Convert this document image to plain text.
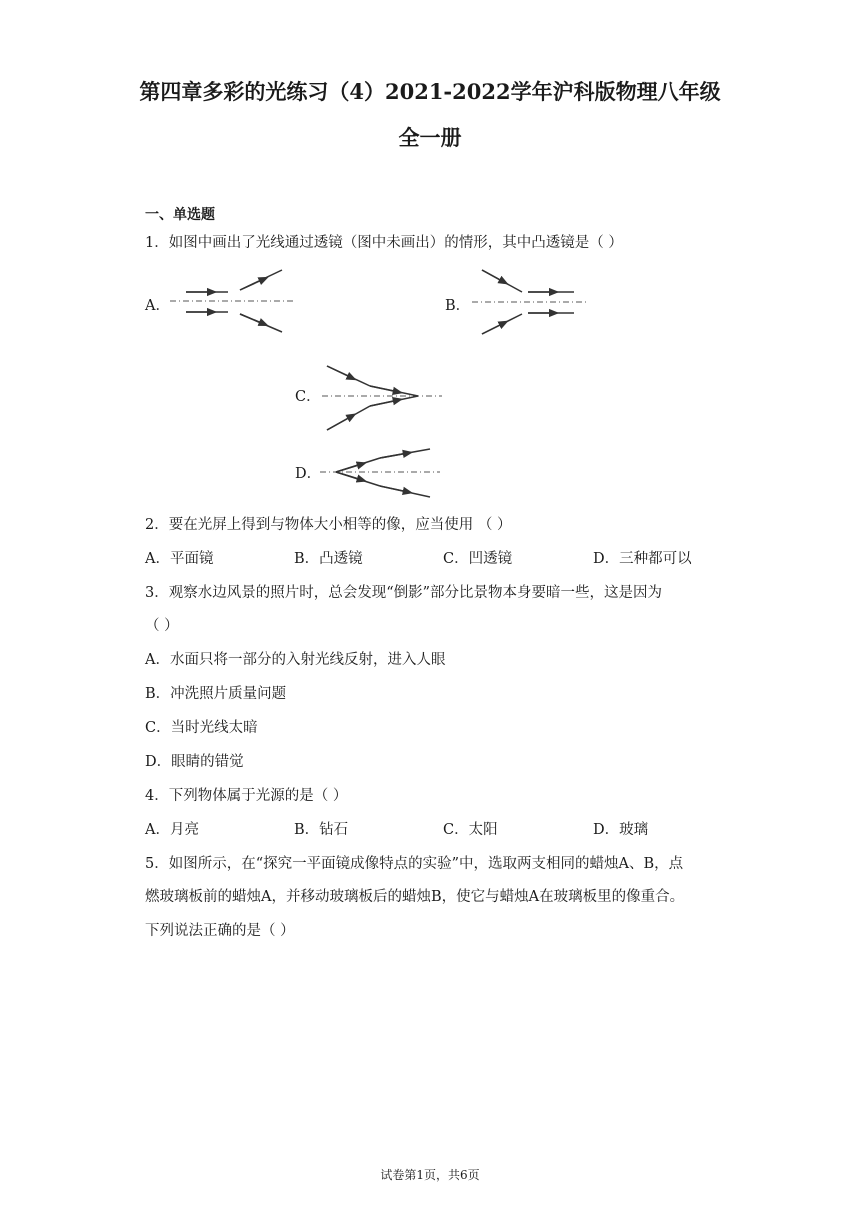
第四章多彩的光练习（4）2021-2022学年沪科版物理八年级
全一册
一、单选题
1．如图中画出了光线通过透镜（图中未画出）的情形，其中凸透镜是（ ）
A．	B．
C．
D．
2．要在光屏上得到与物体大小相等的像，应当使用 （ ）
A．平面镜	B．凸透镜	C．凹透镜	D．三种都可以
3．观察水边风景的照片时，总会发现“倒影”部分比景物本身要暗一些，这是因为
（ ）
A．水面只将一部分的入射光线反射，进入人眼
B．冲洗照片质量问题
C．当时光线太暗
D．眼睛的错觉
4．下列物体属于光源的是（ ）
A．月亮	B．钻石	C．太阳	D．玻璃
5．如图所示，在“探究一平面镜成像特点的实验”中，选取两支相同的蜡烛A、B，点
燃玻璃板前的蜡烛A，并移动玻璃板后的蜡烛B，使它与蜡烛A在玻璃板里的像重合。
下列说法正确的是（ ）
试卷第1页，共6页
